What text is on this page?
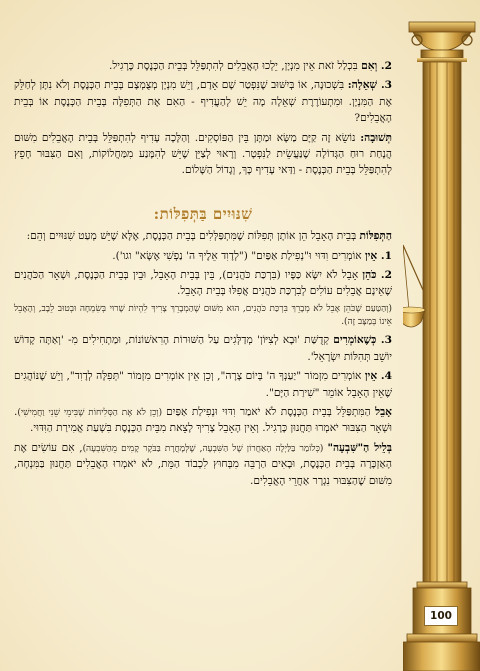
2. וְאִם בִּכְלַל זֹאת אֵין מִנְיָן, יֵלְכוּ הָאֲבֵלִים לְהִתְפַּלֵּל בְּבֵית הַכְּנֶסֶת כָּרָגִיל.

3. שְׁאֵלָה: בִּשְׁכוּנָה, אוֹ בְּיִשּׁוּב שֶׁנִּפְטַר שָׁם אָדָם, וְיֵשׁ מִנְיָן מְצֻמְצָם בְּבֵית הַכְּנֶסֶת וְלֹא נִתָּן לְחַלֵּק אֶת הַמִּנְיָן. וּמִתְעוֹרֶרֶת שְׁאֵלָה מָה יֵשׁ לְהַעֲדִיף - הַאִם אֶת הַתְּפִלָּה בְּבֵית הַכְּנֶסֶת אוֹ בְּבֵית הָאֲבֵלִים?

תְּשׁוּבָה: נוֹשֵׂא זֶה קַיָּם מַשָּׂא וּמַתָּן בֵּין הַפּוֹסְקִים. וְהַלָּכָה עָדִיף לְהִתְפַּלֵּל בְּבֵית הָאֲבֵלִים מִשּׁוּם הֲנָחַת רוּחַ הַגְּדוֹלָה שֶׁנַּעֲשֵׂית לַנִּפְטָר. וְרָאוּי לְצַיֵּן שֶׁיֵּשׁ לְהִמָּנַע מִמַּחֲלוֹקוֹת, וְאִם הַצִּבּוּר חָפֵץ לְהִתְפַּלֵּל בְּבֵית הַכְּנֶסֶת - וַדַּאי עָדִיף כָּךְ, וְגָדוֹל הַשָּׁלוֹם.

שִׁנּוּיִים בַּתְּפִלּוֹת:

הַתְּפִלּוֹת בְּבֵית הָאָבֵל הֵן אוֹתָן תְּפִלּוֹת שֶׁמִּתְפַּלְּלִים בְּבֵית הַכְּנֶסֶת, אֶלָּא שֶׁיֵּשׁ מְעַט שִׁנּוּיִים וְהֵם:

1. אֵין אוֹמְרִים וִדּוּי וּ"נְפִילַת אַפַּיִם" ("לְדָוִד אֵלֶיךָ ה' נַפְשִׁי אֶשָּׂא" וגו').

2. כֹּהֵן אָבֵל לֹא יִשָּׂא כַּפָּיו (בִּרְכַּת כֹּהֲנִים), בֵּין בְּבֵית הָאָבֵל, וּבֵין בְּבֵית הַכְּנֶסֶת, וּשְׁאָר הַכֹּהֲנִים שֶׁאֵינָם אֲבֵלִים עוֹלִים לְבִרְכַּת כֹּהֲנִים אֲפִלּוּ בְּבֵית הָאָבֵל.

(וְהַטַּעַם שֶׁכֹּהֵן אָבֵל לֹא מְבָרֵךְ בִּרְכַּת כֹּהֲנִים, הוּא מִשּׁוּם שֶׁהַמְבָרֵךְ צָרִיךְ לִהְיוֹת שָׁרוּי בְּשִׂמְחָה וּבְטוּב לֵבָב, וְהָאָבֵל אֵינוֹ בְּמַצָּב זֶה).

3. כְּשֶׁאוֹמְרִים קְדֻשַּׁת 'וּבָא לְצִיּוֹן' מְדַלְּגִים עַל הַשּׁוּרוֹת הָרִאשׁוֹנוֹת, וּמַתְחִילִים מִ- 'וְאַתָּה קָדוֹשׁ יוֹשֵׁב תְּהִלּוֹת יִשְׂרָאֵל'.

4. אֵין אוֹמְרִים מִזְמוֹר "יַעַנְךָ ה' בְּיוֹם צָרָה", וְכֵן אֵין אוֹמְרִים מִזְמוֹר "תְּפִלָּה לְדָוִד", וְיֵשׁ שֶׁנּוֹהֲגִים שֶׁאֵין הָאָבֵל אוֹמֵר "שִׁירַת הַיָּם".

אָבֵל הַמִּתְפַּלֵּל בְּבֵית הַכְּנֶסֶת לֹא יֹאמַר וִדּוּי וּנְפִילַת אַפַּיִם (וְכֵן לֹא אֶת הַסְּלִיחוֹת שֶׁבִּימֵי שֵׁנִי וַחֲמִישִׁי). וּשְׁאָר הַצִּבּוּר יֹאמְרוּ תַּחֲנוּן כָּרָגִיל. וְאֵין הָאָבֵל צָרִיךְ לָצֵאת מִבֵּית הַכְּנֶסֶת בִּשְׁעַת אֲמִירַת הַוִּדּוּי.

בְּלֵיל הַ"שִּׁבְעָה" (כְּלוֹמַר בַּלַּיְלָה הָאַחֲרוֹן שֶׁל הַשִּׁבְעָה, שֶׁלְּמָחֳרָת בַּבֹּקֶר קָמִים מֵהַשִּׁבְעָה), אִם עוֹשִׂים אֶת הָאַזְכָּרָה בְּבֵית הַכְּנֶסֶת, וּבָאִים הַרְבֵּה מִבְּחוּץ לִכְבוֹד הַמֵּת, לֹא יֹאמְרוּ הָאֲבֵלִים תַּחֲנוּן בַּמִּנְחָה, מִשּׁוּם שֶׁהַצִּבּוּר נִגְרָר אַחֲרֵי הָאֲבֵלִים.

100
